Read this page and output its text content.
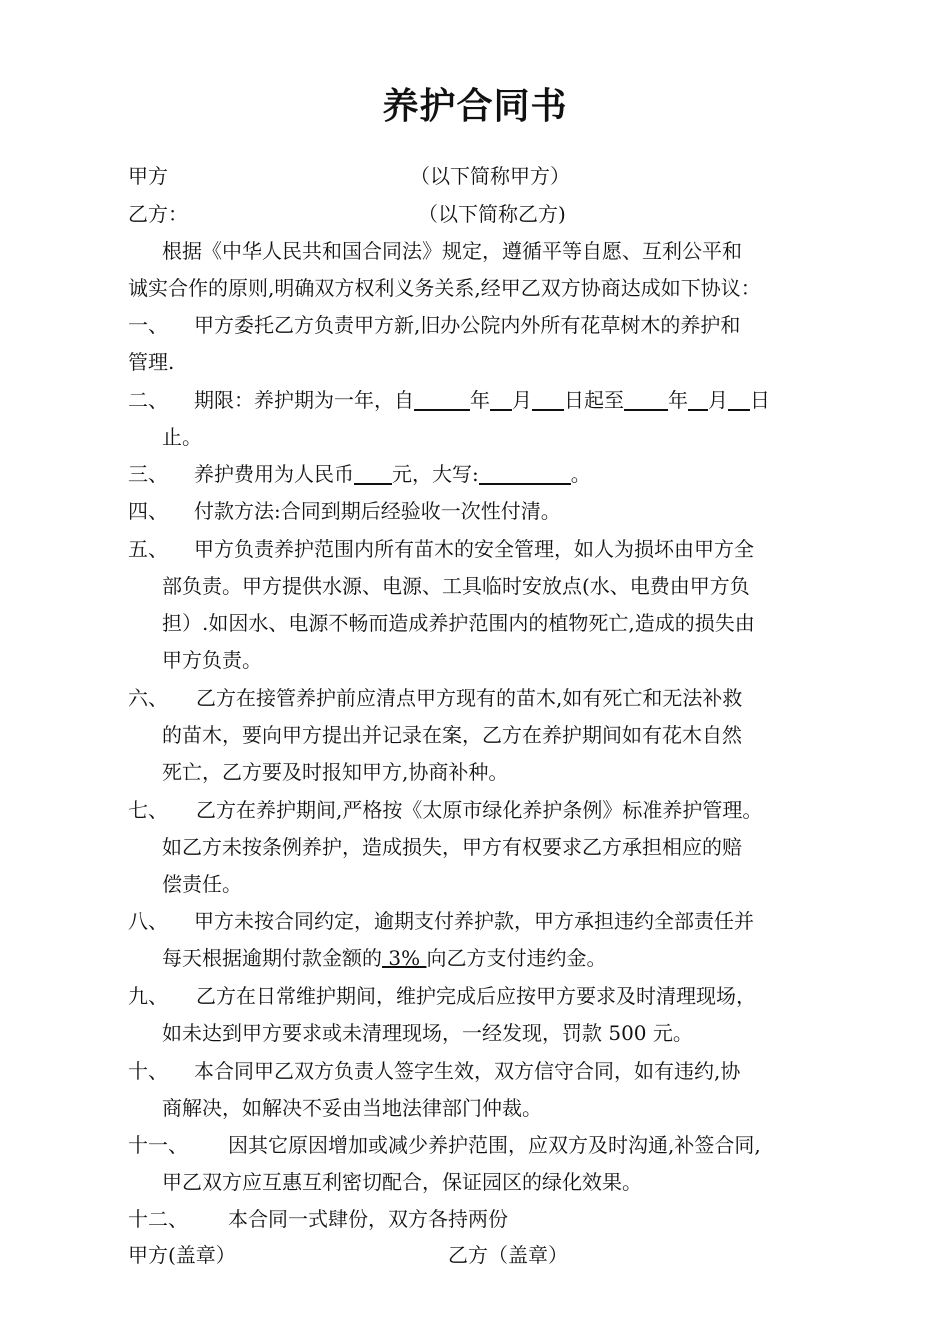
养护合同书
甲方	（以下简称甲方）
乙方：	（以下简称乙方)
根据《中华人民共和国合同法》规定，遵循平等自愿、互利公平和
诚实合作的原则,明确双方权利义务关系,经甲乙双方协商达成如下协议：
一、 甲方委托乙方负责甲方新,旧办公院内外所有花草树木的养护和
管理.
二、 期限：养护期为一年，自	年 月 日起至 年 月 日
止。
三、 养护费用为人民币 元，大写:	。
四、 付款方法:合同到期后经验收一次性付清。
五、 甲方负责养护范围内所有苗木的安全管理，如人为损坏由甲方全
部负责。甲方提供水源、电源、工具临时安放点(水、电费由甲方负
担）.如因水、电源不畅而造成养护范围内的植物死亡,造成的损失由
甲方负责。
六、 乙方在接管养护前应清点甲方现有的苗木,如有死亡和无法补救
的苗木，要向甲方提出并记录在案，乙方在养护期间如有花木自然
死亡，乙方要及时报知甲方,协商补种。
七、 乙方在养护期间,严格按《太原市绿化养护条例》标准养护管理。
如乙方未按条例养护，造成损失，甲方有权要求乙方承担相应的赔
偿责任。
八、 甲方未按合同约定，逾期支付养护款，甲方承担违约全部责任并
每天根据逾期付款金额的 3% 向乙方支付违约金。
九、 乙方在日常维护期间，维护完成后应按甲方要求及时清理现场，
如未达到甲方要求或未清理现场，一经发现，罚款 500 元。
十、 本合同甲乙双方负责人签字生效，双方信守合同，如有违约,协
商解决，如解决不妥由当地法律部门仲裁。
十一、 因其它原因增加或减少养护范围，应双方及时沟通,补签合同,
甲乙双方应互惠互利密切配合，保证园区的绿化效果。
十二、 本合同一式肆份，双方各持两份
甲方(盖章）	乙方（盖章）
